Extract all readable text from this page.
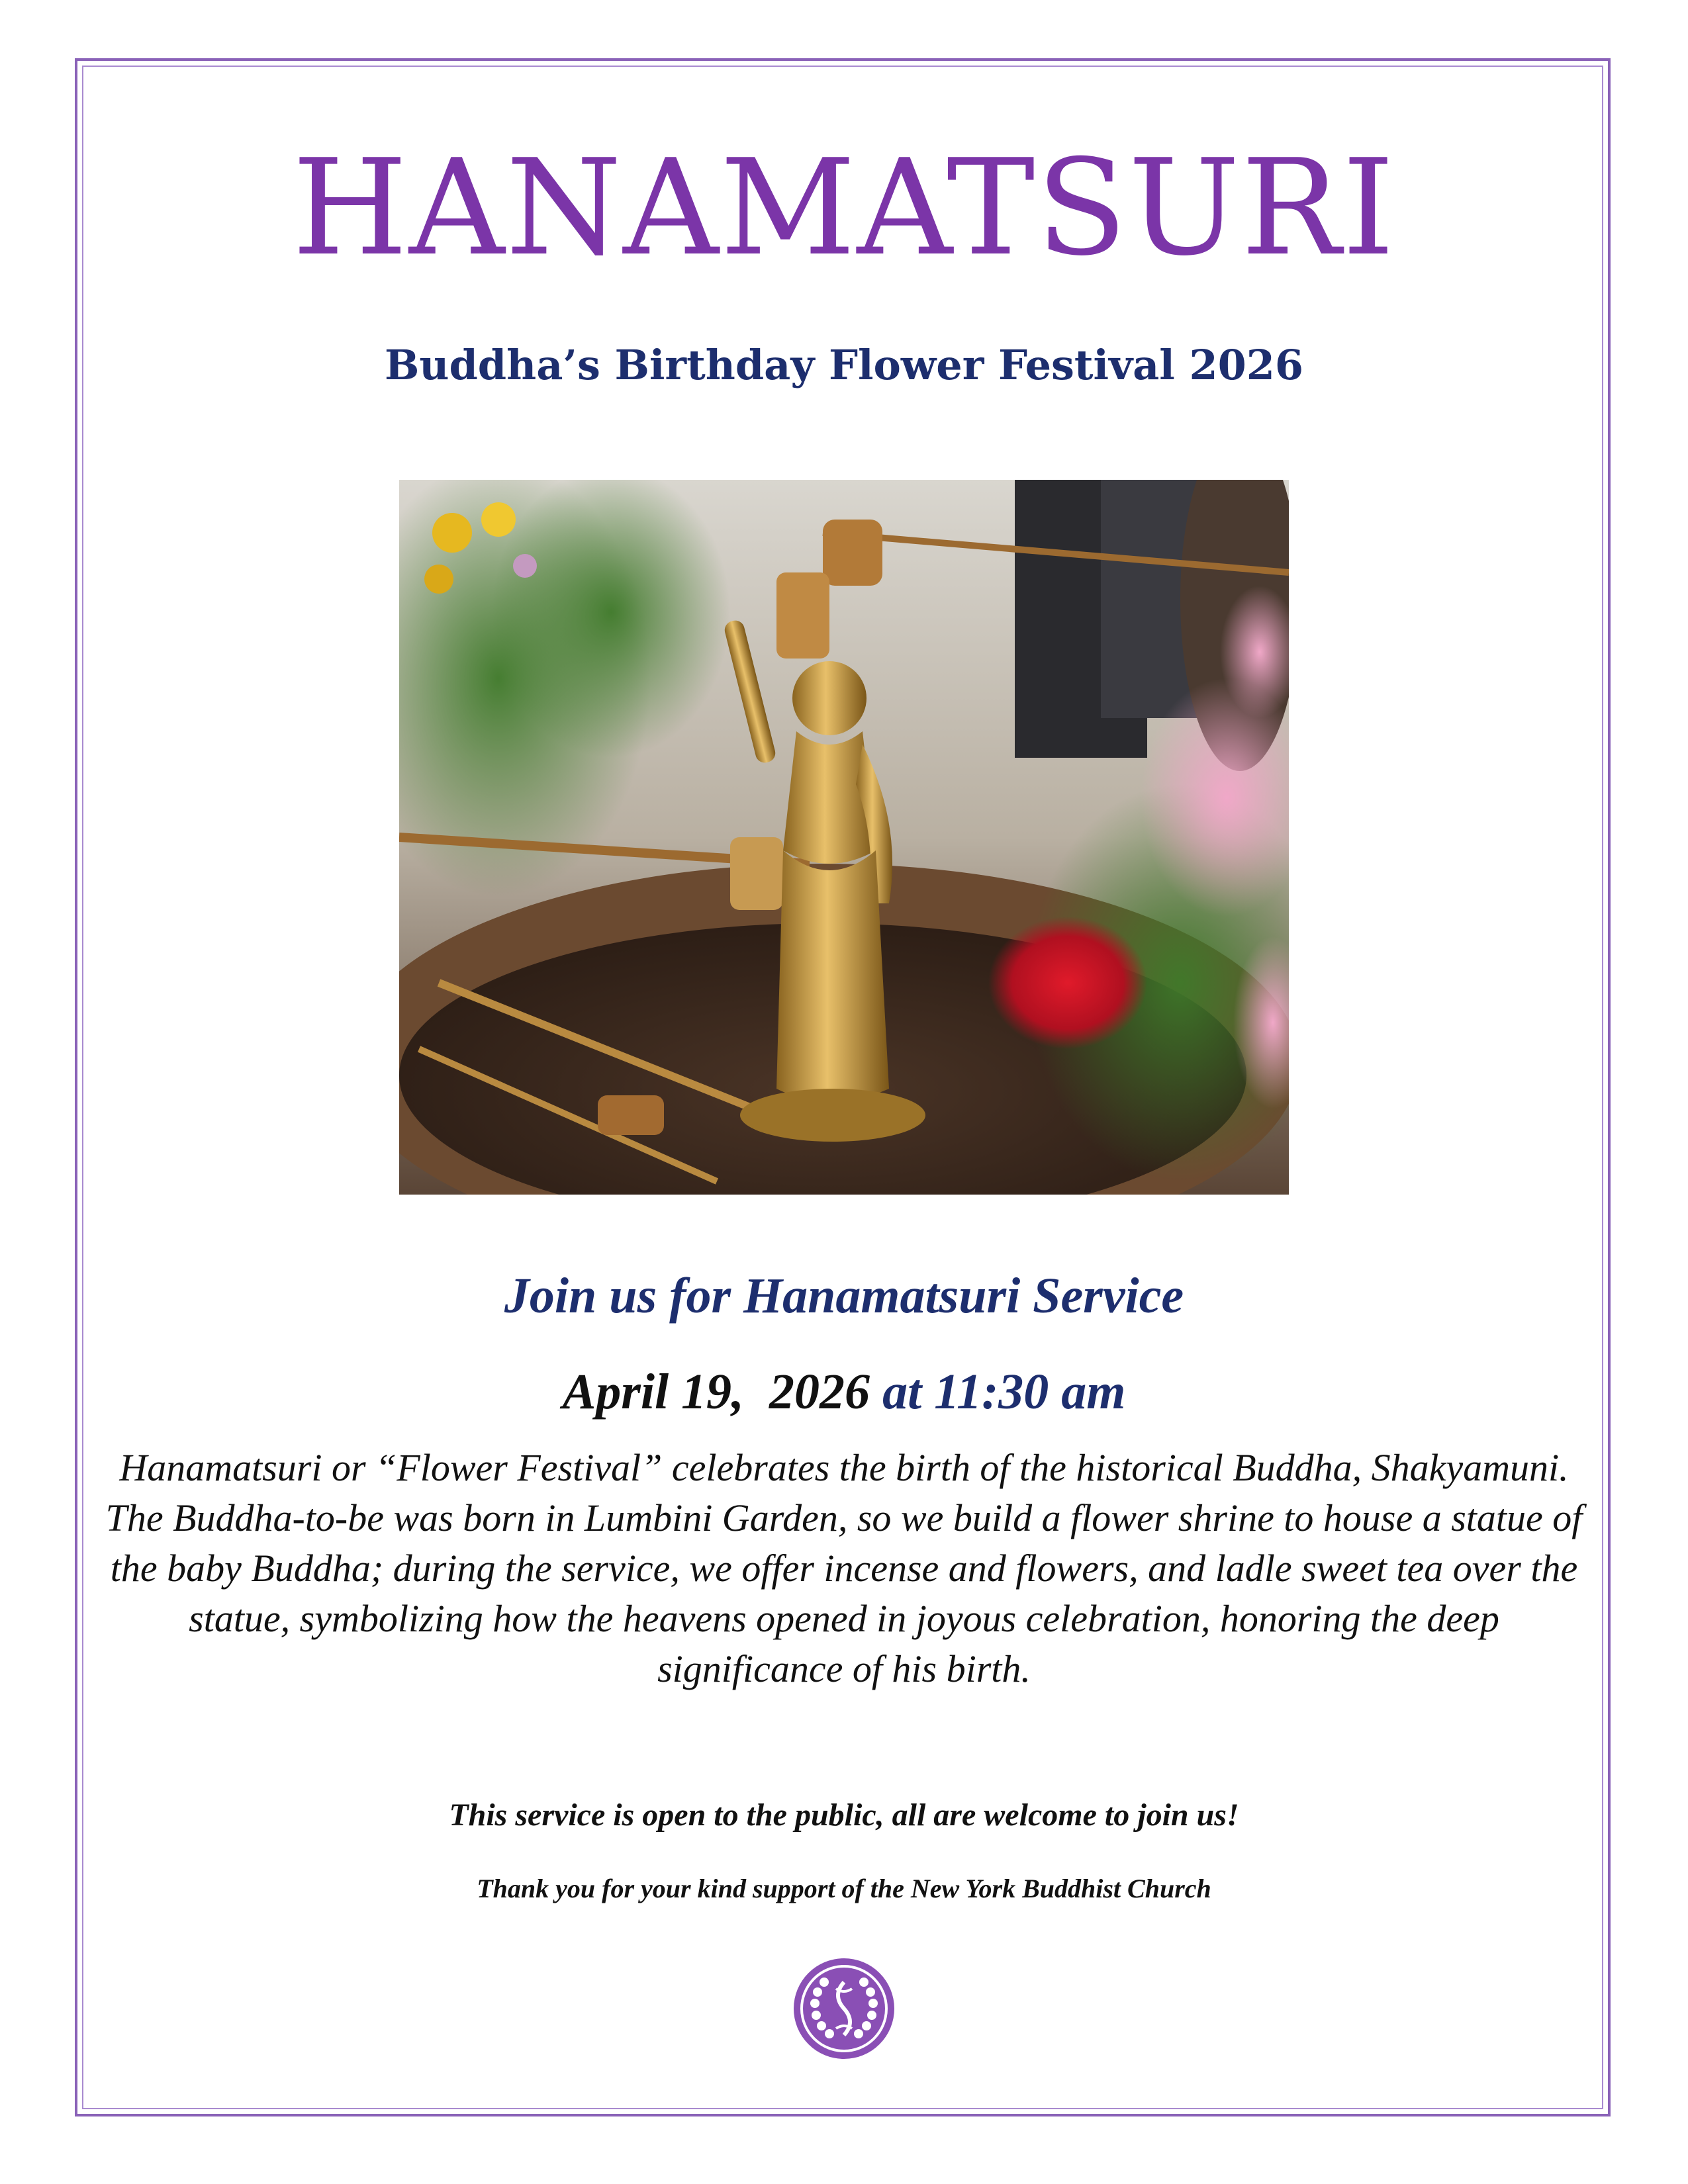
HANAMATSURI
Buddha’s Birthday Flower Festival 2026
Join us for Hanamatsuri Service
April 19,  2026 at 11:30 am
Hanamatsuri or “Flower Festival” celebrates the birth of the historical Buddha, Shakyamuni. The Buddha-to-be was born in Lumbini Garden, so we build a flower shrine to house a statue of the baby Buddha; during the service, we offer incense and flowers, and ladle sweet tea over the statue, symbolizing how the heavens opened in joyous celebration, honoring the deep significance of his birth.
This service is open to the public, all are welcome to join us!
Thank you for your kind support of the New York Buddhist Church
